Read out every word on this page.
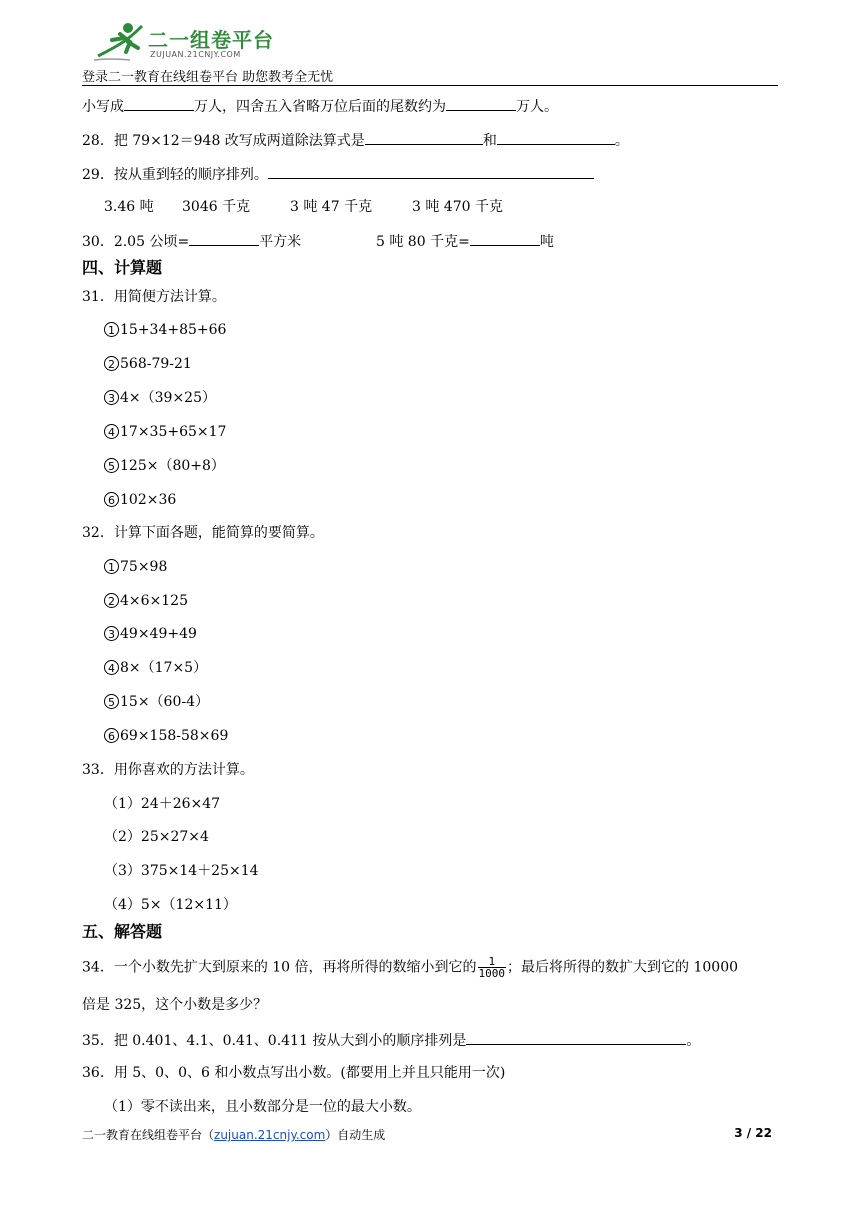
二一组卷平台
ZUJUAN.21CNJY.COM
登录二一教育在线组卷平台 助您教考全无忧
小写成	万人，四舍五入省略万位后面的尾数约为	万人。
28．把 79×12＝948 改写成两道除法算式是	和	。
29．按从重到轻的顺序排列。
3.46 吨 3046 千克	3 吨 47 千克	3 吨 470 千克
30．2.05 公顷=	平方米	5 吨 80 千克=	吨
四、计算题
31．用简便方法计算。
1 15+34+85+66
2 568-79-21
3 4×（39×25）
4 17×35+65×17
5 125×（80+8）
6 102×36
32．计算下面各题，能简算的要简算。
1 75×98
2 4×6×125
3 49×49+49
4 8×（17×5）
5 15×（60-4）
6 69×158-58×69
33．用你喜欢的方法计算。
（1）24＋26×47
（2）25×27×4
（3）375×14＋25×14
（4）5×（12×11）
五、解答题
34．一个小数先扩大到原来的 10 倍，再将所得的数缩小到它的 $\frac{1}{1000}$ ；最后将所得的数扩大到它的 10000
倍是 325，这个小数是多少？
35．把 0.401、4.1、0.41、0.411 按从大到小的顺序排列是	。
36．用 5、0、0、6 和小数点写出小数。(都要用上并且只能用一次)
（1）零不读出来，且小数部分是一位的最大小数。
二一教育在线组卷平台（zujuan.21cnjy.com）自动生成	3 / 22
